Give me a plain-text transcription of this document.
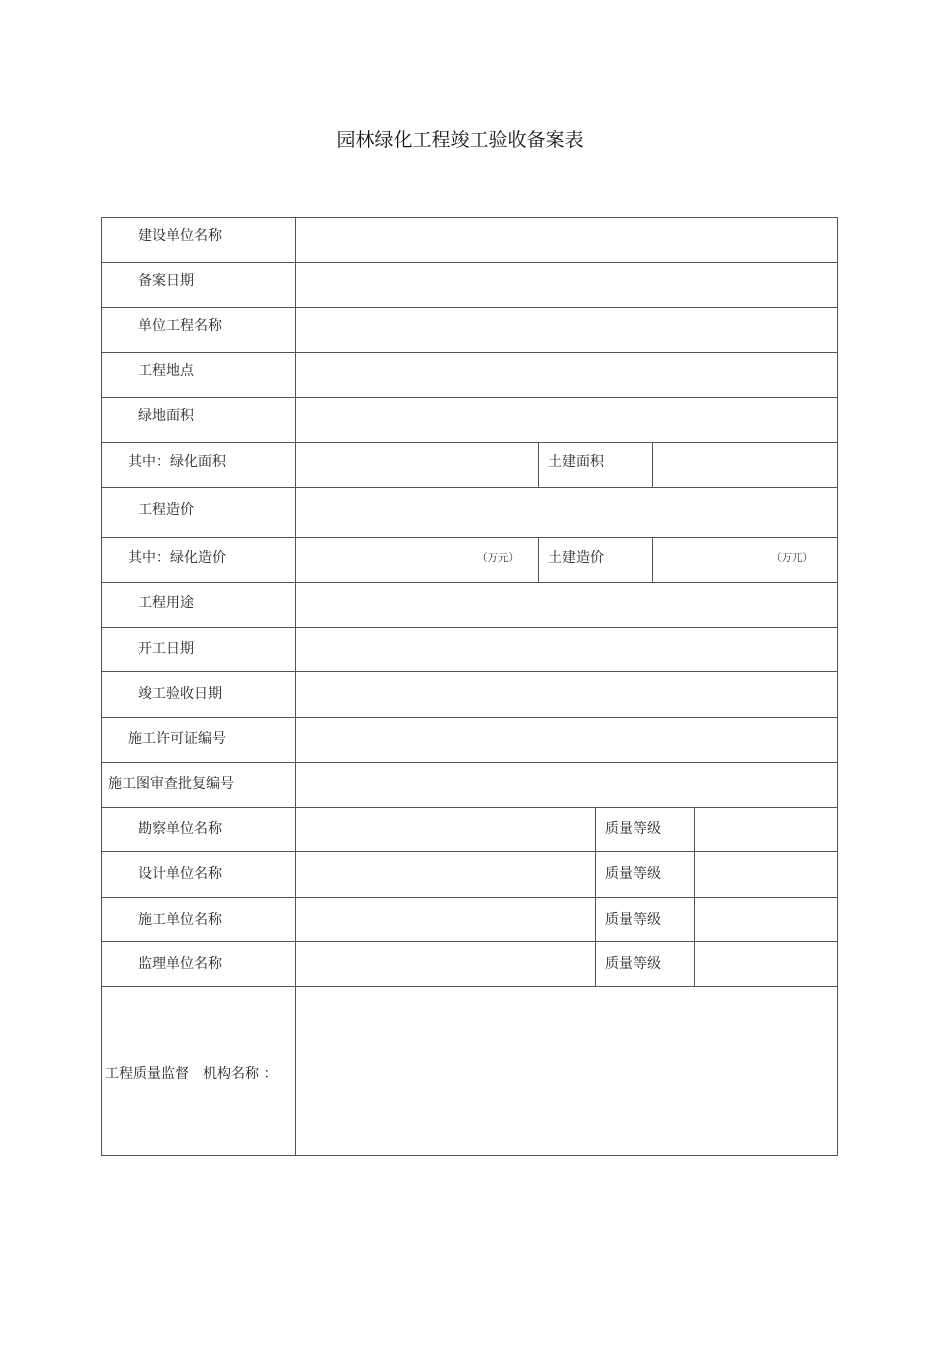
园林绿化工程竣工验收备案表
建设单位名称
备案日期
单位工程名称
工程地点
绿地面积
其中：绿化面积	土建面积
工程造价
其中：绿化造价	（万元） 土建造价	（万兀）
工程用途
开工日期
竣工验收日期
施工许可证编号
施工图审查批复编号
勘察单位名称	质量等级
设计单位名称	质量等级
施工单位名称	质量等级
监理单位名称	质量等级
工程质量监督　机构名称 ：
